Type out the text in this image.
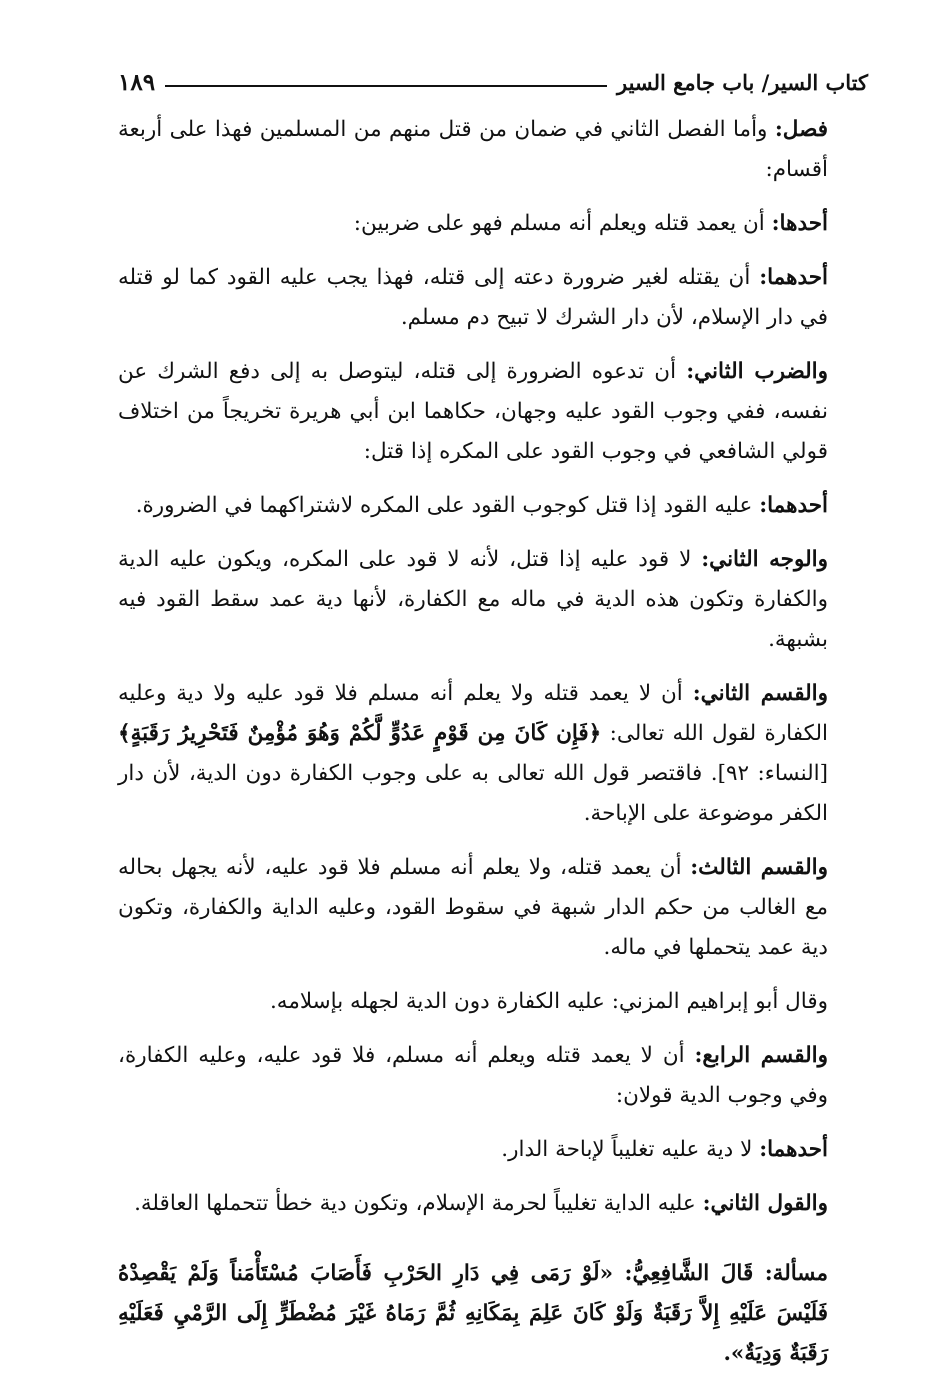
كتاب السير/ باب جامع السير
١٨٩

فصل: وأما الفصل الثاني في ضمان من قتل منهم من المسلمين فهذا على أربعة أقسام:

أحدها: أن يعمد قتله ويعلم أنه مسلم فهو على ضربين:

أحدهما: أن يقتله لغير ضرورة دعته إلى قتله، فهذا يجب عليه القود كما لو قتله في دار الإسلام، لأن دار الشرك لا تبيح دم مسلم.

والضرب الثاني: أن تدعوه الضرورة إلى قتله، ليتوصل به إلى دفع الشرك عن نفسه، ففي وجوب القود عليه وجهان، حكاهما ابن أبي هريرة تخريجاً من اختلاف قولي الشافعي في وجوب القود على المكره إذا قتل:

أحدهما: عليه القود إذا قتل كوجوب القود على المكره لاشتراكهما في الضرورة.

والوجه الثاني: لا قود عليه إذا قتل، لأنه لا قود على المكره، ويكون عليه الدية والكفارة وتكون هذه الدية في ماله مع الكفارة، لأنها دية عمد سقط القود فيه بشبهة.

والقسم الثاني: أن لا يعمد قتله ولا يعلم أنه مسلم فلا قود عليه ولا دية وعليه الكفارة لقول الله تعالى: ﴿فَإِن كَانَ مِن قَوْمٍ عَدُوٍّ لَّكُمْ وَهُوَ مُؤْمِنٌ فَتَحْرِيرُ رَقَبَةٍ﴾ [النساء: ٩٢]. فاقتصر قول الله تعالى به على وجوب الكفارة دون الدية، لأن دار الكفر موضوعة على الإباحة.

والقسم الثالث: أن يعمد قتله، ولا يعلم أنه مسلم فلا قود عليه، لأنه يجهل بحاله مع الغالب من حكم الدار شبهة في سقوط القود، وعليه الداية والكفارة، وتكون دية عمد يتحملها في ماله.

وقال أبو إبراهيم المزني: عليه الكفارة دون الدية لجهله بإسلامه.

والقسم الرابع: أن لا يعمد قتله ويعلم أنه مسلم، فلا قود عليه، وعليه الكفارة، وفي وجوب الدية قولان:

أحدهما: لا دية عليه تغليباً لإباحة الدار.

والقول الثاني: عليه الداية تغليباً لحرمة الإسلام، وتكون دية خطأ تتحملها العاقلة.

مسألة: قَالَ الشَّافِعِيُّ: «لَوْ رَمَى فِي دَارِ الحَرْبِ فَأَصَابَ مُسْتَأْمَناً وَلَمْ يَقْصِدْهُ فَلَيْسَ عَلَيْهِ إِلاَّ رَقَبَةٌ وَلَوْ كَانَ عَلِمَ بِمَكَانِهِ ثُمَّ رَمَاهُ غَيْرَ مُضْطَرٍّ إِلَى الرَّمْيِ فَعَلَيْهِ رَقَبَةٌ وَدِيَةٌ».
